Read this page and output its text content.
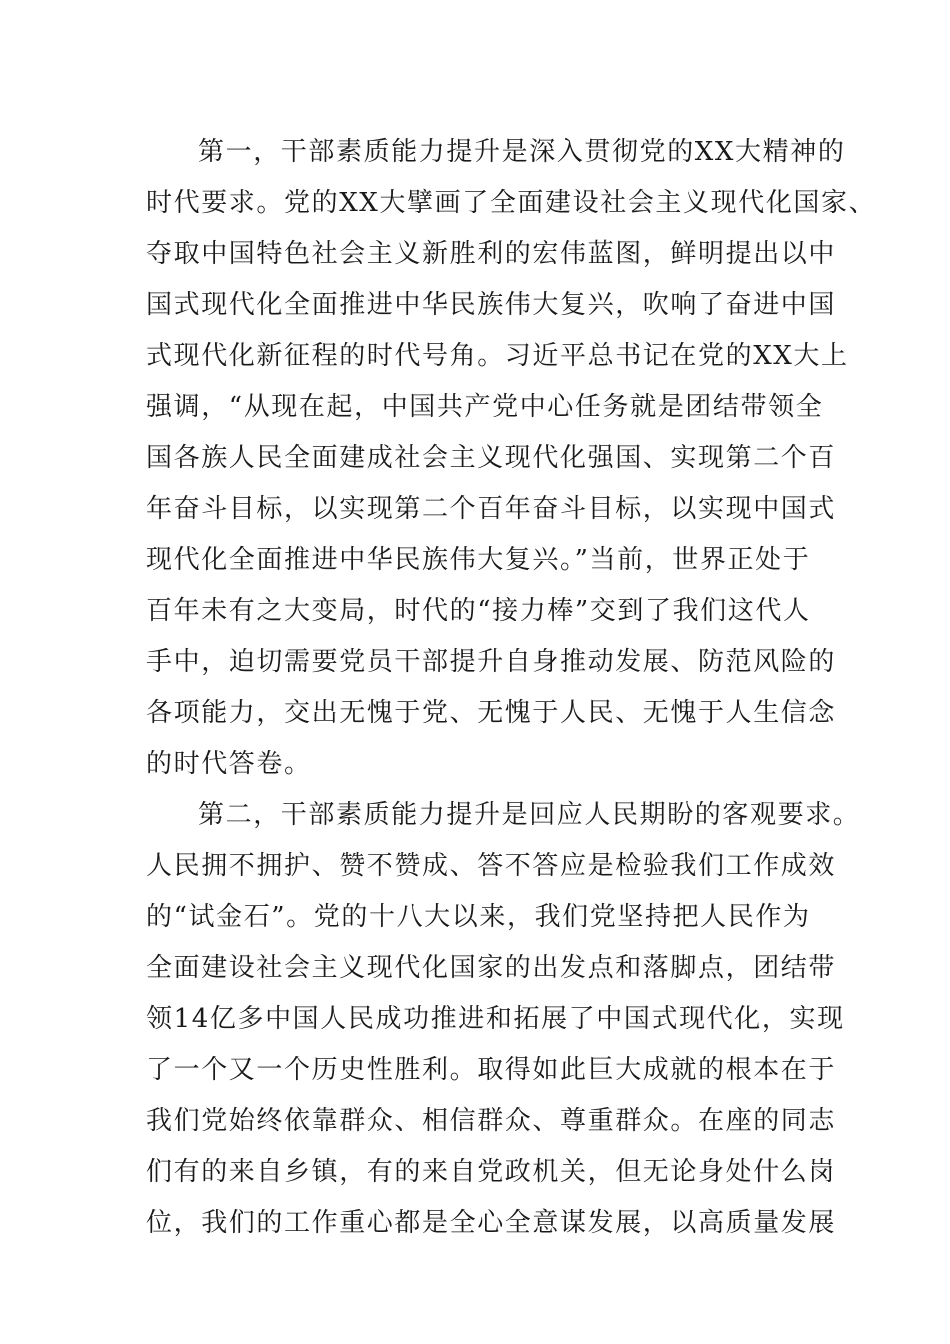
第一，干部素质能力提升是深入贯彻党的XX大精神的
时代要求。党的XX大擘画了全面建设社会主义现代化国家、
夺取中国特色社会主义新胜利的宏伟蓝图，鲜明提出以中
国式现代化全面推进中华民族伟大复兴，吹响了奋进中国
式现代化新征程的时代号角。习近平总书记在党的XX大上
强调，“从现在起，中国共产党中心任务就是团结带领全
国各族人民全面建成社会主义现代化强国、实现第二个百
年奋斗目标，以实现第二个百年奋斗目标，以实现中国式
现代化全面推进中华民族伟大复兴。”当前，世界正处于
百年未有之大变局，时代的“接力棒”交到了我们这代人
手中，迫切需要党员干部提升自身推动发展、防范风险的
各项能力，交出无愧于党、无愧于人民、无愧于人生信念
的时代答卷。
第二，干部素质能力提升是回应人民期盼的客观要求。
人民拥不拥护、赞不赞成、答不答应是检验我们工作成效
的“试金石”。党的十八大以来，我们党坚持把人民作为
全面建设社会主义现代化国家的出发点和落脚点，团结带
领14亿多中国人民成功推进和拓展了中国式现代化，实现
了一个又一个历史性胜利。取得如此巨大成就的根本在于
我们党始终依靠群众、相信群众、尊重群众。在座的同志
们有的来自乡镇，有的来自党政机关，但无论身处什么岗
位，我们的工作重心都是全心全意谋发展，以高质量发展
